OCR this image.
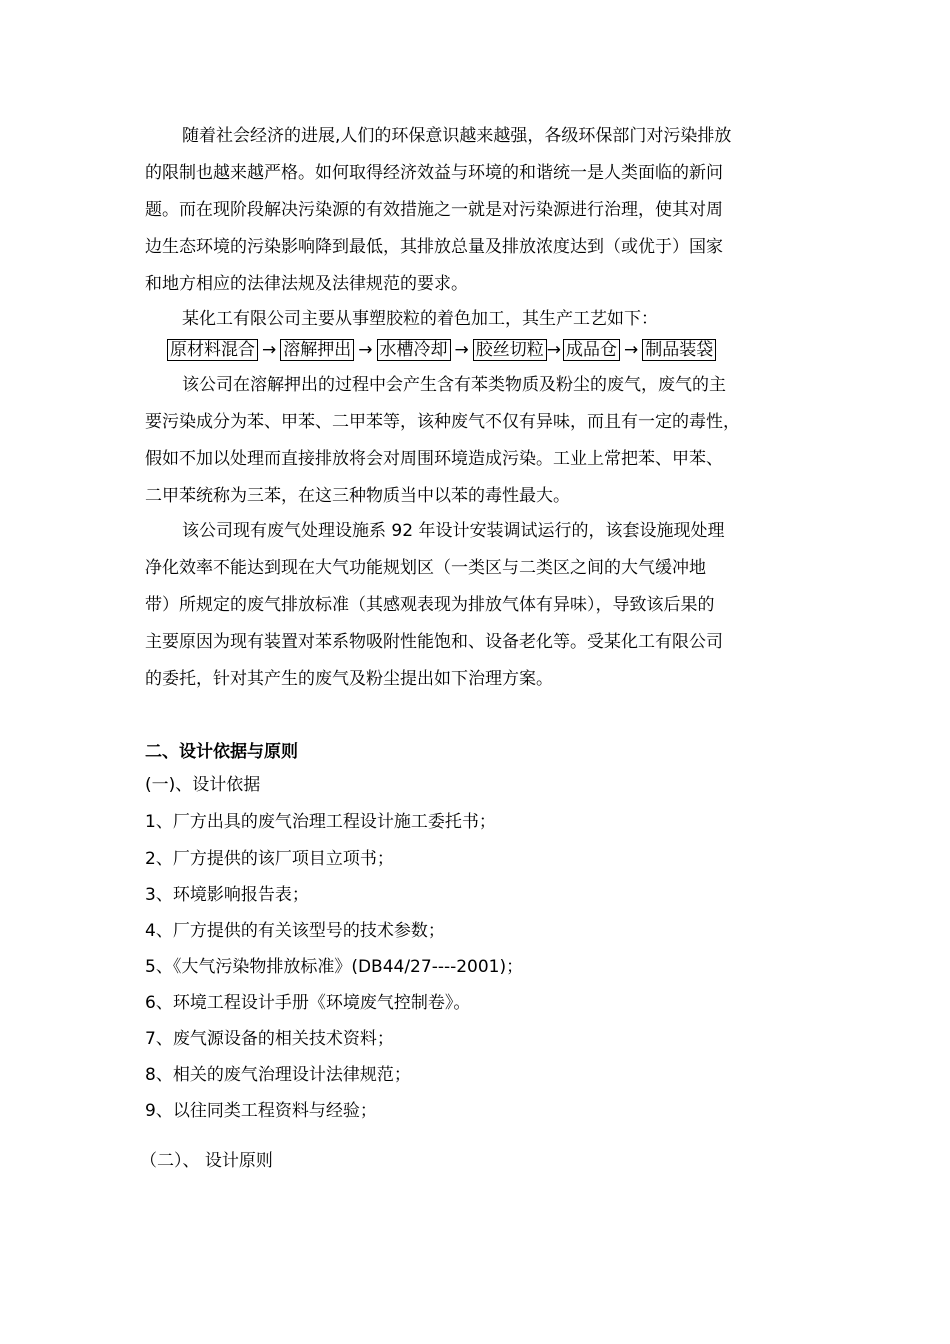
随着社会经济的进展,人们的环保意识越来越强，各级环保部门对污染排放
的限制也越来越严格。如何取得经济效益与环境的和谐统一是人类面临的新问
题。而在现阶段解决污染源的有效措施之一就是对污染源进行治理，使其对周
边生态环境的污染影响降到最低，其排放总量及排放浓度达到（或优于）国家
和地方相应的法律法规及法律规范的要求。
某化工有限公司主要从事塑胶粒的着色加工，其生产工艺如下：
原材料混合 → 溶解押出 → 水槽冷却 → 胶丝切粒 → 成品仓 → 制品装袋
该公司在溶解押出的过程中会产生含有苯类物质及粉尘的废气，废气的主
要污染成分为苯、甲苯、二甲苯等，该种废气不仅有异味，而且有一定的毒性，
假如不加以处理而直接排放将会对周围环境造成污染。工业上常把苯、甲苯、
二甲苯统称为三苯，在这三种物质当中以苯的毒性最大。
该公司现有废气处理设施系 92 年设计安装调试运行的，该套设施现处理
净化效率不能达到现在大气功能规划区（一类区与二类区之间的大气缓冲地
带）所规定的废气排放标准（其感观表现为排放气体有异味），导致该后果的
主要原因为现有装置对苯系物吸附性能饱和、设备老化等。受某化工有限公司
的委托，针对其产生的废气及粉尘提出如下治理方案。
二、设计依据与原则
(一)、设计依据
1、厂方出具的废气治理工程设计施工委托书；
2、厂方提供的该厂项目立项书；
3、环境影响报告表；
4、厂方提供的有关该型号的技术参数；
5、《大气污染物排放标准》(DB44/27----2001)；
6、环境工程设计手册《环境废气控制卷》。
7、废气源设备的相关技术资料；
8、相关的废气治理设计法律规范；
9、以往同类工程资料与经验；
（二）、 设计原则
